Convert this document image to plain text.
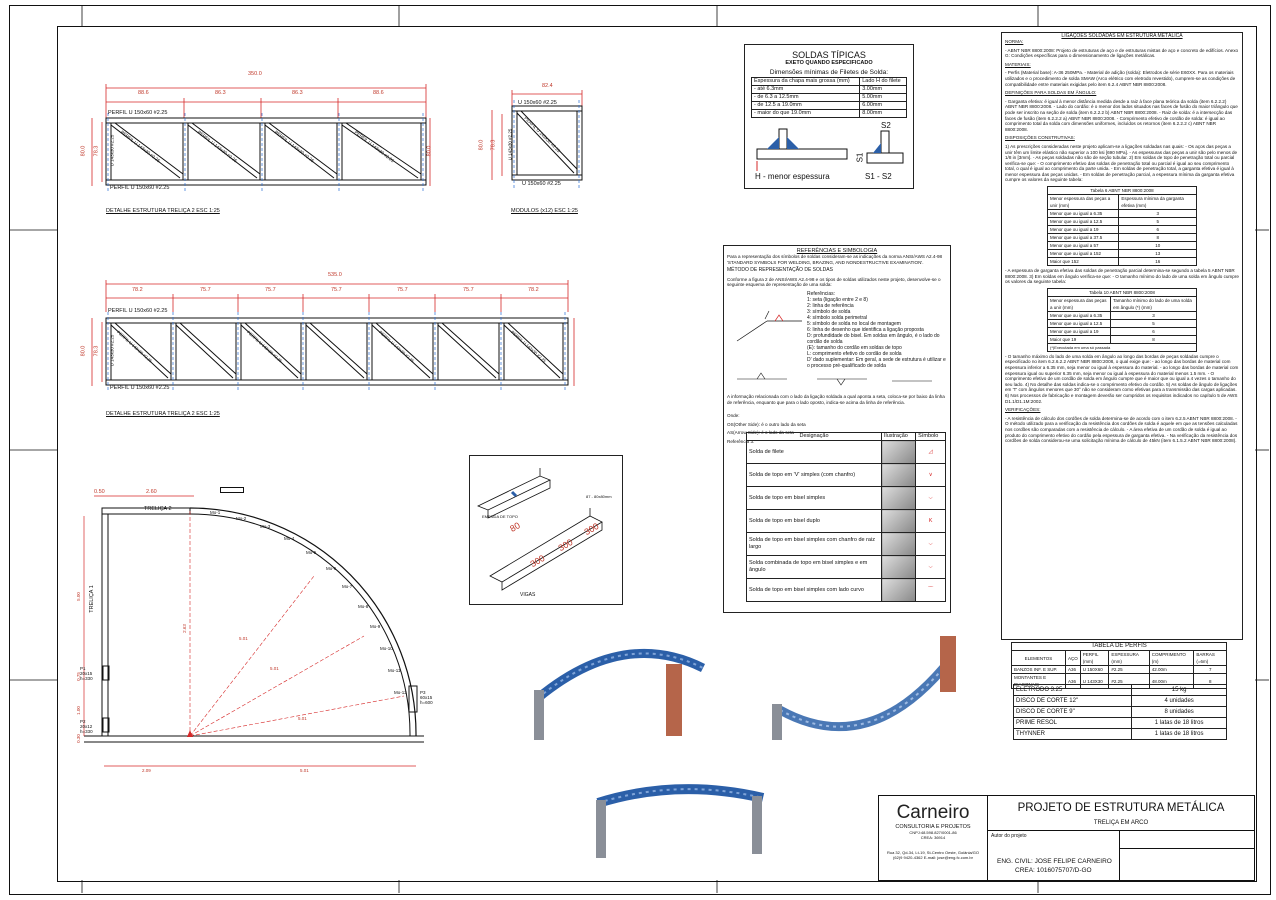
350.0
88.6	86.3	86.3	88.6
PERFIL U 150x60 #2.25
PERFIL U 150x60 #2.25
80.0 78.3	80.0
U 143x30 #2.25 PERFIL U 143x30 #2.25	PERFIL U 143x30 #2.25	PERFIL U 143x30 #2.25	PERFIL U 143x30 #2.25
DETALHE ESTRUTURA TRELIÇA 2 ESC 1:25
82.4
U 150x60 #2.25
U 150x60 #2.25
80.0 78.3 U 143x30 #2.25 PERFIL U 143x30 #2.25
MODULOS (x12) ESC 1:25
535.0
78.2	75.7	75.7	75.7	75.7	75.7	78.2
PERFIL U 150x60 #2.25
PERFIL U 150x60 #2.25
80.0 78.3 U 143x30 #2.25 PERFIL U 143x30 #2.25	PERFIL U 143x30 #2.25	PERFIL U 143x30 #2.25	PERFIL U 143x30 #2.25
DETALHE ESTRUTURA TRELIÇA 2 ESC 1:25
0.50	2.60
TRELIÇA 2
TRELIÇA 1
Mo-1
Mo-2
Mo-3
Mo-4
Mo-5
Mo-6
Mo-7
Mo-8
Mo-9
Mo-10
Mo-11
Mo-12
P1
20x15
h=330
P2
20x12
h=330
P3
60x15
h=600
5.01
5.01
5.01
2.63
5.00
0.75
1.00
0.30
2.09	5.01
SOLDAS TÍPICAS
EXETO QUANDO ESPECIFICADO
Dimensões mínimas de Filetes de Solda:
Espessura da chapa mais grossa (mm)	Lado H do filete
- até 6.3mm	3.00mm
- de 6.3 a 12.5mm	5.00mm
- de 12.5 a 19.0mm	6.00mm
- maior do que 19.0mm	8.00mm
S2
S1
H - menor espessura	S1 - S2
REFERÊNCIAS E SIMBOLOGIA

Para a representação dos símbolos de soldas consideram-se as indicações da norma ANSI/AWS A2.4-98 'STANDARD SYMBOLS FOR WELDING, BRAZING, AND NONDESTRUCTIVE EXAMINATION'.

MÉTODO DE REPRESENTAÇÃO DE SOLDAS

Conforme a figura 2 de ANSI/AWS A2.4-98 e os tipos de soldas utilizados neste projeto, desenvolve-se o seguinte esquema de representação de uma solda:

Referências:
1: seta (ligação entre 2 e 8)
2: linha de referência
3: símbolo de solda
4: símbolo solda perimetral
5: símbolo de solda no local de montagem
6: linha de desenho que identifica a ligação proposta
D: profundidade do bisel. Em soldas em ângulo, é o lado do cordão de solda
(E): tamanho do cordão em soldas de topo
L: comprimento efetivo do cordão de solda
D' dado suplementar: Em geral, a sede de estrutura é utilizar e o processo pré-qualificado de solda

A informação relacionada com o lado da ligação soldada a qual aponta a seta, coloca-se por baixo da linha de referência, enquanto que para o lado oposto, indica-se acima da linha de referência.

Onde:

OS(Other Side): é o outro lado da seta

AS(Arrow Side): é o lado da seta

Referência 3:

Designação	Ilustração	Símbolo
Solda de filete		◿
Solda de topo em 'V' simples (com chanfro)		∨
Solda de topo em bisel simples		⌵
Solda de topo em bisel duplo		K
Solda de topo em bisel simples com chanfro de raiz largo		⌵
Solda combinada de topo em bisel simples e em ângulo		⌵
Solda de topo em bisel simples com lado curvo		⌒
80
300
300
300
EMENDA DE TOPO
87 - 80x80mm
VIGAS
LIGAÇÕES SOLDADAS EM ESTRUTURA METÁLICA

NORMA:

- ABNT NBR 8800:2008: Projeto de estruturas de aço e de estruturas mistas de aço e concreto de edifícios. Anexo G: Condições específicas para o dimensionamento de ligações metálicas.

MATERIAIS:

- Perfis (Material base): A-36 250MPa. - Material de adição (solda): Eletrodos de série E60XX. Para os materiais utilizados e o procedimento de solda SMAW (Arco elétrico com eletrodo revestido), cumprem-se as condições de compatibilidade entre materiais exigidas pelo item 6.2.4 ABNT NBR 8800:2008.

DEFINIÇÕES PARA SOLDAS EM ÂNGULO:

- Garganta efetiva: é igual à menor distância medida desde a raiz à face plana teórica da solda (item 6.2.2.2) ABNT NBR 8800:2008. - Lado do cordão: é o menor dos lados situados nas faces de fusão do maior triângulo que pode ser inscrito na seção de solda (item 6.2.2.2 b) ABNT NBR 8800:2008. - Raiz de solda: é a intersecção das faces de fusão (item 6.2.2.2 a) ABNT NBR 8800:2008. - Comprimento efetivo de cordão de solda: é igual ao comprimento total da solda com dimensões uniformes, incluídos os retornos (item 6.2.2.2 c) ABNT NBR 8800:2008.

DISPOSIÇÕES CONSTRUTIVAS:

1) As prescrições consideradas neste projeto aplicam-se a ligações soldadas nas quais: - Os aços das peças a unir têm um limite elástico não superior a 100 ksi [690 MPa]. - As espessuras das peças a unir são pelo menos de 1/8 in [3mm]. - As peças soldadas não são de seção tubular. 2) Em soldas de topo de penetração total ou parcial verifica-se que: - O comprimento efetivo das soldas de penetração total ou parcial é igual ao seu comprimento total, o qual é igual ao comprimento da parte unida. - Em soldas de penetração total, a garganta efetiva é igual à menor espessura das peças unidas. - Em soldas de penetração parcial, a espessura mínima da garganta efetiva cumpre os valores da seguinte tabela:

Tabela 6 ABNT NBR 8800:2008	
Menor espessura das peças a unir (mm)	Espessura mínima da garganta efetiva (mm)
Menor que ou igual a 6.35	3
Menor que ou igual a 12.5	5
Menor que ou igual a 19	6
Menor que ou igual a 37.5	8
Menor que ou igual a 57	10
Menor que ou igual a 152	13
Maior que 152	16

- A espessura de garganta efetiva das soldas de penetração parcial determina-se segundo a tabela 5 ABNT NBR 8800:2008. 3) Em soldas em ângulo verifica-se que: - O tamanho mínimo do lado de uma solda em ângulo cumpre os valores da seguinte tabela:

Tabela 10 ABNT NBR 8800:2008	
Menor espessura das peças a unir (mm)	Tamanho mínimo do lado de uma solda em ângulo (*) (mm)
Menor que ou igual a 6.35	3
Menor que ou igual a 12.5	5
Menor que ou igual a 19	6
Maior que 19	8
(*)Executada em uma só passada	

- O tamanho máximo do lado de uma solda em ângulo ao longo das bordas de peças soldadas cumpre o especificado no item 6.2.6.2.2 ABNT NBR 8800:2008, o qual exige que: - ao longo das bordas de material com espessura inferior a 6.35 mm, seja menor ou igual à espessura do material. - ao longo das bordas de material com espessura igual ou superior 6.35 mm, seja menor ou igual à espessura do material menos 1.5 mm. - O comprimento efetivo de um cordão de solda em ângulo cumpre que é maior que ou igual a 4 vezes o tamanho do seu lado. 4) No detalhe das soldas indica-se o comprimento efetivo do cordão. 5) As soldas de ângulo de ligações em 'T' com ângulos menores que 30° não se consideram como efetivas para a transmissão das cargas aplicadas. 6) Nos processos de fabricação e montagem deverão ser cumpridos os requisitos indicados no capítulo 5 de AWS D1.1/D1.1M:2002.

VERIFICAÇÕES:

- A resistência de cálculo dos cordões de solda determina-se de acordo com o item 6.2.5 ABNT NBR 8800:2008. - O método utilizado para a verificação da resistência dos cordões de solda é aquele em que as tensões calculadas nos cordões são comparadas com a resistência de cálculo. - A área efetiva de um cordão de solda é igual ao produto do comprimento efetivo do cordão pela espessura de garganta efetiva. - Na verificação da resistência dos cordões de solda considerou-se uma solicitação mínima de cálculo de 45kN (item 6.1.5.2 ABNT NBR 8800:2008).

TABELA DE PERFIS					
ELEMENTOS	AÇO	PERFIL (mm)	ESPESSURA (mm)	COMPRIMENTO (m)	BARRAS (=6m)
BANZOS INF. E SUP.	A36	U 150X60	#2.25	42.00m	7
MONTANTES E DIAGONAIS	A36	U 143X30	#2.25	48.00m	8
ELETRODO 3.25	15 kg
DISCO DE CORTE 12"	4 unidades
DISCO DE CORTE 9"	8 unidades
PRIME RESOL	1 latas de 18 litros
THYNNER	1 latas de 18 litros
Carneiro
CONSULTORIA E PROJETOS
CNPJ:48.598.827/0001-86
CREA: 36914
Rua 32, Qd-34, Lt-19, St-Centro Oeste, Goiânia/GO
(62)9 9420-4362 E-mail: jose@eng.fc.com.br
PROJETO DE ESTRUTURA METÁLICA
TRELIÇA EM ARCO
Autor do projeto
ENG. CIVIL: JOSE FELIPE CARNEIRO
CREA: 1016075707/D-GO
